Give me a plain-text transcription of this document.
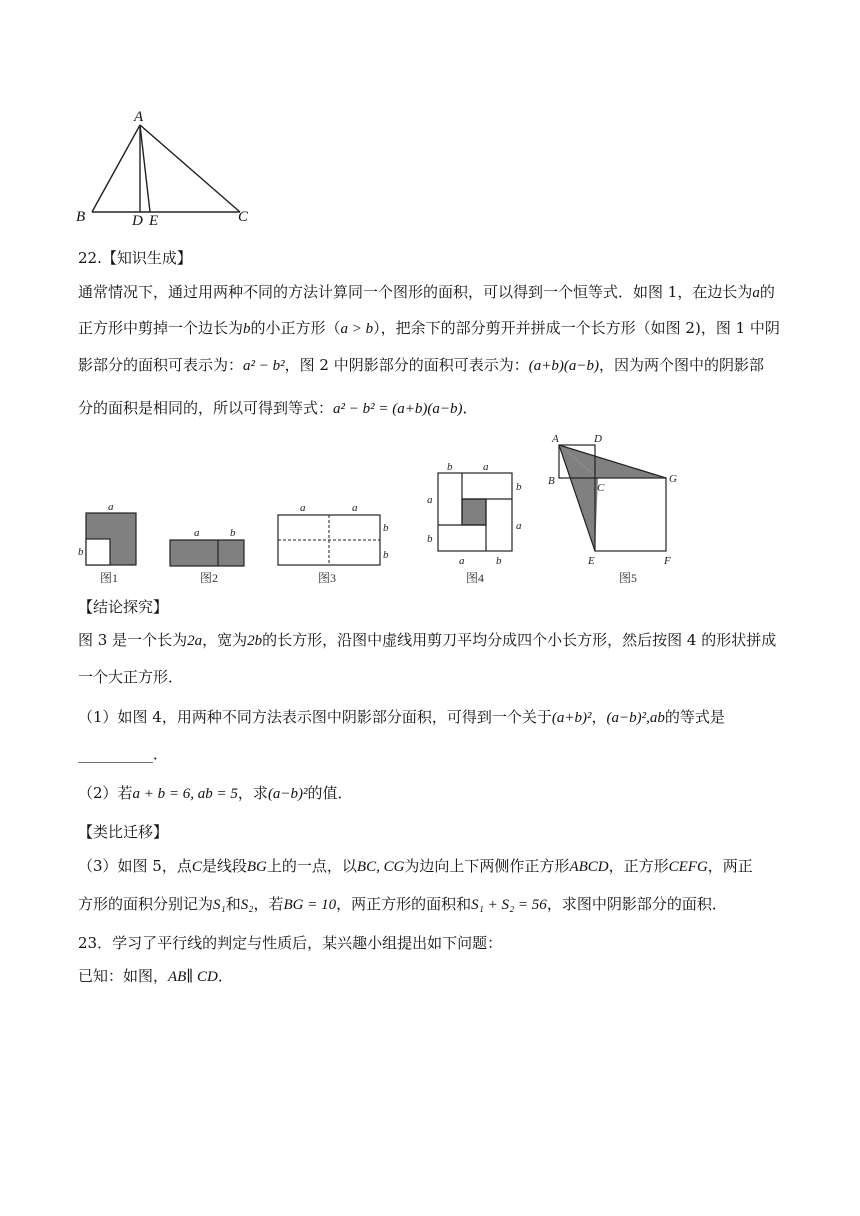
A
B	D E	C
22.【知识生成】
通常情况下，通过用两种不同的方法计算同一个图形的面积，可以得到一个恒等式．如图 1，在边长为a的
正方形中剪掉一个边长为b的小正方形（a > b），把余下的部分剪开并拼成一个长方形（如图 2)，图 1 中阴
影部分的面积可表示为：a² − b²，图 2 中阴影部分的面积可表示为：(a+b)(a−b)，因为两个图中的阴影部
分的面积是相同的，所以可得到等式：a² − b² = (a+b)(a−b)．
a
b
图1
a	b
图2
a	a
b
b
图3
b	a
a
b
b
a
a	b
图4
A	D
B
C
G
E	F
图5
【结论探究】
图 3 是一个长为2a，宽为2b的长方形，沿图中虚线用剪刀平均分成四个小长方形，然后按图 4 的形状拼成
一个大正方形．
（1）如图 4，用两种不同方法表示图中阴影部分面积，可得到一个关于(a+b)²，(a−b)²,ab的等式是
__________．
（2）若a + b = 6, ab = 5，求(a−b)²的值．
【类比迁移】
（3）如图 5，点C是线段BG上的一点，以BC, CG为边向上下两侧作正方形ABCD，正方形CEFG，两正
方形的面积分别记为S₁和S₂，若BG = 10，两正方形的面积和S₁ + S₂ = 56，求图中阴影部分的面积．
23．学习了平行线的判定与性质后，某兴趣小组提出如下问题：
已知：如图，AB∥ CD．
